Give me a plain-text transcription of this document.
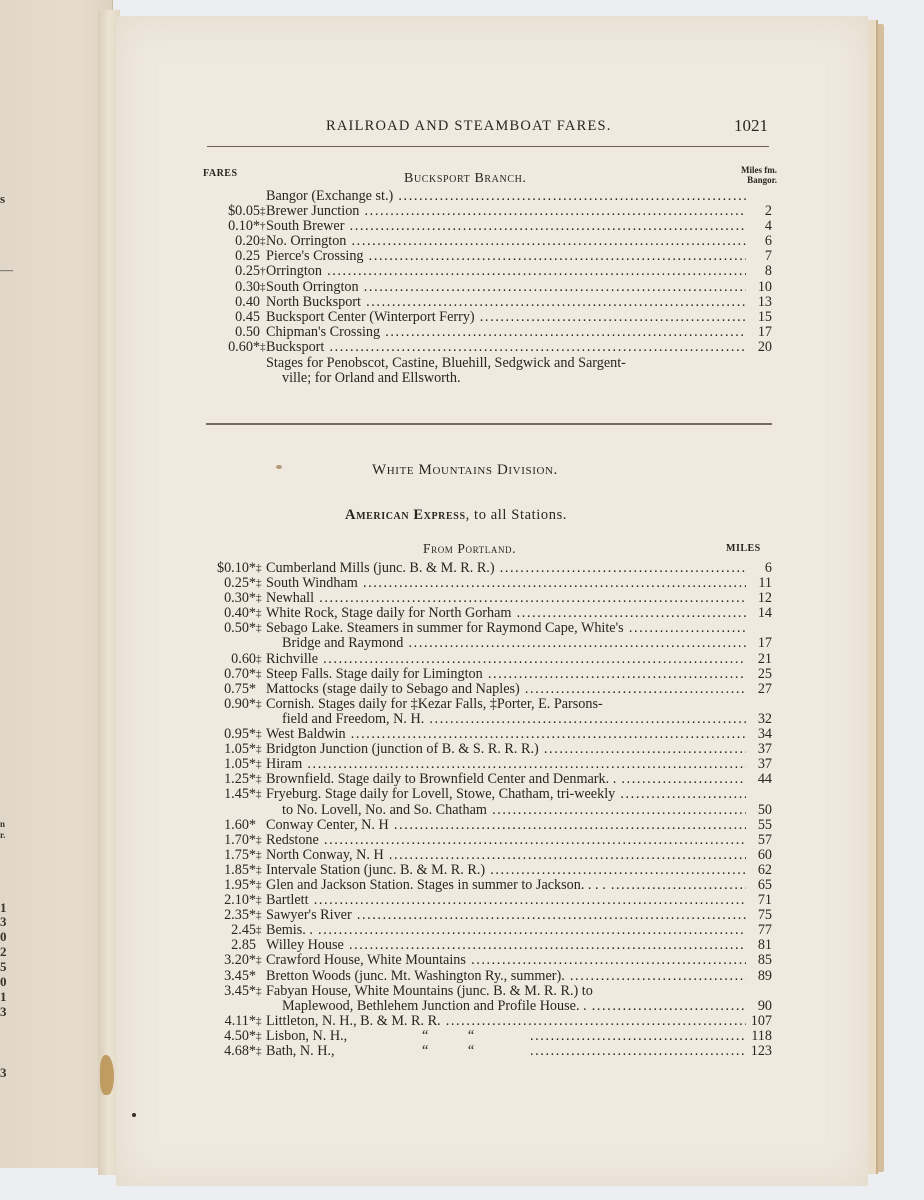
s
—
n
r.
1
3
0
2
5
0
1
3
3
RAILROAD AND STEAMBOAT FARES.	1021
FARES	Bucksport Branch.
Miles fm.
Bangor.
Bangor (Exchange st.) .....
$0.05 ‡ Brewer Junction .....	2
0.10* † South Brewer .....	4
0.20 ‡ No. Orrington .....	6
0.25 Pierce's Crossing .....	7
0.25 † Orrington .....	8
0.30 ‡ South Orrington .....	10
0.40 North Bucksport .....	13
0.45 Bucksport Center (Winterport Ferry) .....	15
0.50 Chipman's Crossing .....	17
0.60* ‡ Bucksport .....	20
Stages for Penobscot, Castine, Bluehill, Sedgwick and Sargent-
ville; for Orland and Ellsworth.
White Mountains Division.
American Express, to all Stations.
From Portland.	MILES
$0.10* ‡ Cumberland Mills (junc. B. & M. R. R.) .....	6
0.25* ‡ South Windham .....	11
0.30* ‡ Newhall .....	12
0.40* ‡ White Rock, Stage daily for North Gorham .....	14
0.50* ‡ Sebago Lake. Steamers in summer for Raymond Cape, White's .....
Bridge and Raymond .....	17
0.60 ‡ Richville .....	21
0.70* ‡ Steep Falls. Stage daily for Limington .....	25
0.75* Mattocks (stage daily to Sebago and Naples) .....	27
0.90* ‡ Cornish. Stages daily for ‡Kezar Falls, ‡Porter, E. Parsons-
field and Freedom, N. H. .....	32
0.95* ‡ West Baldwin .....	34
1.05* ‡ Bridgton Junction (junction of B. & S. R. R. R.) .....	37
1.05* ‡ Hiram .....	37
1.25* ‡ Brownfield. Stage daily to Brownfield Center and Denmark. . .....	44
1.45* ‡ Fryeburg. Stage daily for Lovell, Stowe, Chatham, tri-weekly .....
to No. Lovell, No. and So. Chatham .....	50
1.60* Conway Center, N. H .....	55
1.70* ‡ Redstone .....	57
1.75* ‡ North Conway, N. H .....	60
1.85* ‡ Intervale Station (junc. B. & M. R. R.) .....	62
1.95* ‡ Glen and Jackson Station. Stages in summer to Jackson. . . . .....	65
2.10* ‡ Bartlett .....	71
2.35* ‡ Sawyer's River .....	75
2.45 ‡ Bemis. . .....	77
2.85 Willey House .....	81
3.20* ‡ Crawford House, White Mountains .....	85
3.45* Bretton Woods (junc. Mt. Washington Ry., summer). .....	89
3.45* ‡ Fabyan House, White Mountains (junc. B. & M. R. R.) to
Maplewood, Bethlehem Junction and Profile House. . .....	90
4.11* ‡ Littleton, N. H., B. & M. R. R. .....	107
4.50* ‡ Lisbon, N. H.,	“ “ .....	118
4.68* ‡ Bath, N. H.,	“ “ .....	123
